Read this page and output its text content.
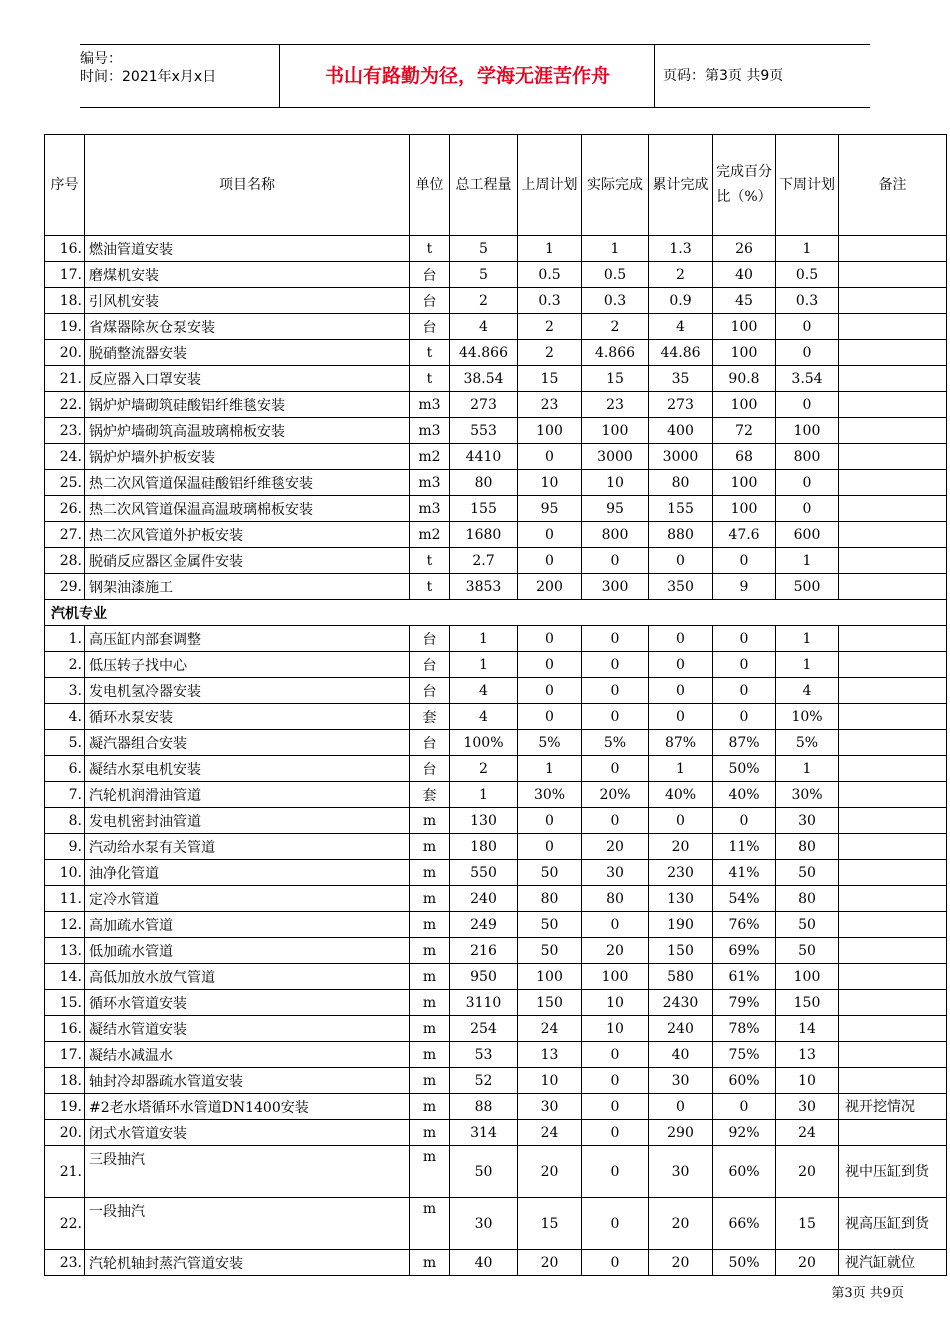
编号：
时间：2021年x月x日	书山有路勤为径，学海无涯苦作舟	页码：第3页 共9页
序号	项目名称	单位	总工程量	上周计划	实际完成	累计完成	完成百分比（%）	下周计划	备注
16.	燃油管道安装	t	5	1	1	1.3	26	1	
17.	磨煤机安装	台	5	0.5	0.5	2	40	0.5	
18.	引风机安装	台	2	0.3	0.3	0.9	45	0.3	
19.	省煤器除灰仓泵安装	台	4	2	2	4	100	0	
20.	脱硝整流器安装	t	44.866	2	4.866	44.86	100	0	
21.	反应器入口罩安装	t	38.54	15	15	35	90.8	3.54	
22.	锅炉炉墙砌筑硅酸铝纤维毯安装	m3	273	23	23	273	100	0	
23.	锅炉炉墙砌筑高温玻璃棉板安装	m3	553	100	100	400	72	100	
24.	锅炉炉墙外护板安装	m2	4410	0	3000	3000	68	800	
25.	热二次风管道保温硅酸铝纤维毯安装	m3	80	10	10	80	100	0	
26.	热二次风管道保温高温玻璃棉板安装	m3	155	95	95	155	100	0	
27.	热二次风管道外护板安装	m2	1680	0	800	880	47.6	600	
28.	脱硝反应器区金属件安装	t	2.7	0	0	0	0	1	
29.	钢架油漆施工	t	3853	200	300	350	9	500	
汽机专业									
1.	高压缸内部套调整	台	1	0	0	0	0	1	
2.	低压转子找中心	台	1	0	0	0	0	1	
3.	发电机氢冷器安装	台	4	0	0	0	0	4	
4.	循环水泵安装	套	4	0	0	0	0	10%	
5.	凝汽器组合安装	台	100%	5%	5%	87%	87%	5%	
6.	凝结水泵电机安装	台	2	1	0	1	50%	1	
7.	汽轮机润滑油管道	套	1	30%	20%	40%	40%	30%	
8.	发电机密封油管道	m	130	0	0	0	0	30	
9.	汽动给水泵有关管道	m	180	0	20	20	11%	80	
10.	油净化管道	m	550	50	30	230	41%	50	
11.	定冷水管道	m	240	80	80	130	54%	80	
12.	高加疏水管道	m	249	50	0	190	76%	50	
13.	低加疏水管道	m	216	50	20	150	69%	50	
14.	高低加放水放气管道	m	950	100	100	580	61%	100	
15.	循环水管道安装	m	3110	150	10	2430	79%	150	
16.	凝结水管道安装	m	254	24	10	240	78%	14	
17.	凝结水减温水	m	53	13	0	40	75%	13	
18.	轴封冷却器疏水管道安装	m	52	10	0	30	60%	10	
19.	#2老水塔循环水管道DN1400安装	m	88	30	0	0	0	30	视开挖情况
20.	闭式水管道安装	m	314	24	0	290	92%	24	
21.	三段抽汽	m	50	20	0	30	60%	20	视中压缸到货
22.	一段抽汽	m	30	15	0	20	66%	15	视高压缸到货
23.	汽轮机轴封蒸汽管道安装	m	40	20	0	20	50%	20	视汽缸就位
第3页 共9页
